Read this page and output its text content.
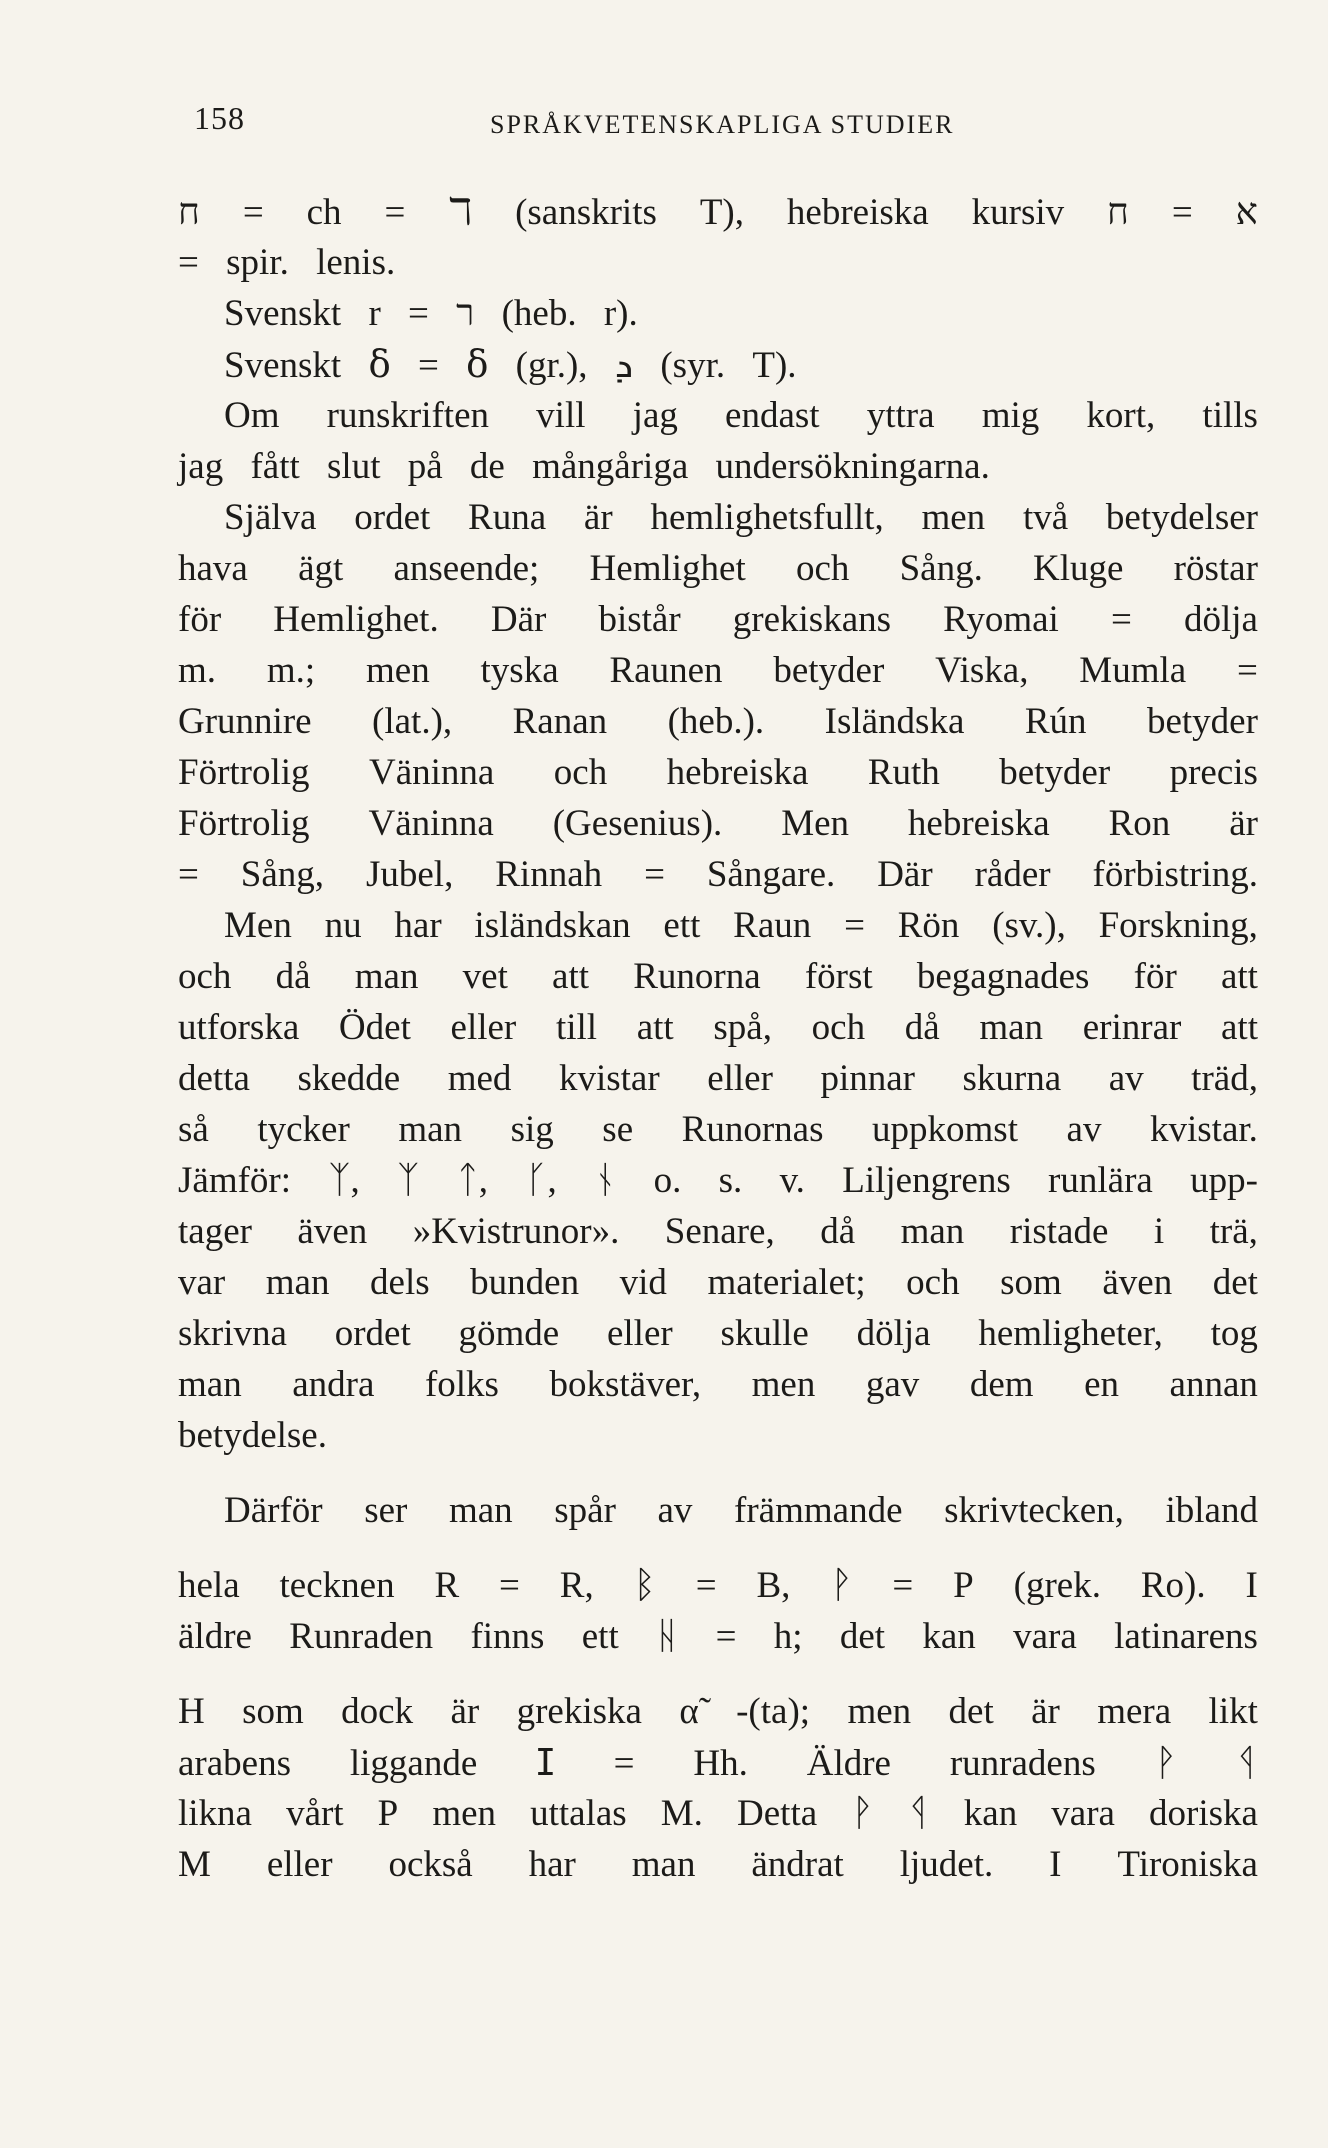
158	SPRÅKVETENSKAPLIGA STUDIER
ח = ch = ℸ (sanskrits T), hebreiska kursiv ח = א
= spir. lenis.
Svenskt r = ר (heb. r).
Svenskt ẟ = ẟ (gr.), ܕ (syr. T).
Om runskriften vill jag endast yttra mig kort, tills
jag fått slut på de mångåriga undersökningarna.
Själva ordet Runa är hemlighetsfullt, men två betydelser
hava ägt anseende; Hemlighet och Sång. Kluge röstar
för Hemlighet. Där bistår grekiskans Ryomai = dölja
m. m.; men tyska Raunen betyder Viska, Mumla =
Grunnire (lat.), Ranan (heb.). Isländska Rún betyder
Förtrolig Väninna och hebreiska Ruth betyder precis
Förtrolig Väninna (Gesenius). Men hebreiska Ron är
= Sång, Jubel, Rinnah = Sångare. Där råder förbistring.
Men nu har isländskan ett Raun = Rön (sv.), Forskning,
och då man vet att Runorna först begagnades för att
utforska Ödet eller till att spå, och då man erinrar att
detta skedde med kvistar eller pinnar skurna av träd,
så tycker man sig se Runornas uppkomst av kvistar.
Jämför: ᛉ, ᛉ ᛏ, ᚴ, ᚾ o. s. v. Liljengrens runlära upp-
tager även »Kvistrunor». Senare, då man ristade i trä,
var man dels bunden vid materialet; och som även det
skrivna ordet gömde eller skulle dölja hemligheter, tog
man andra folks bokstäver, men gav dem en annan
betydelse.
Därför ser man spår av främmande skrivtecken, ibland
hela tecknen R = R, ᛒ = B, ᚹ = P (grek. Ro). I
äldre Runraden finns ett ᚺ = h; det kan vara latinarens
H som dock är grekiska α̃ -(ta); men det är mera likt
arabens liggande ⵊ = Hh. Äldre runradens ᚹ ᛩ
likna vårt P men uttalas M. Detta ᚹ ᛩ kan vara doriska
M eller också har man ändrat ljudet. I Tironiska
